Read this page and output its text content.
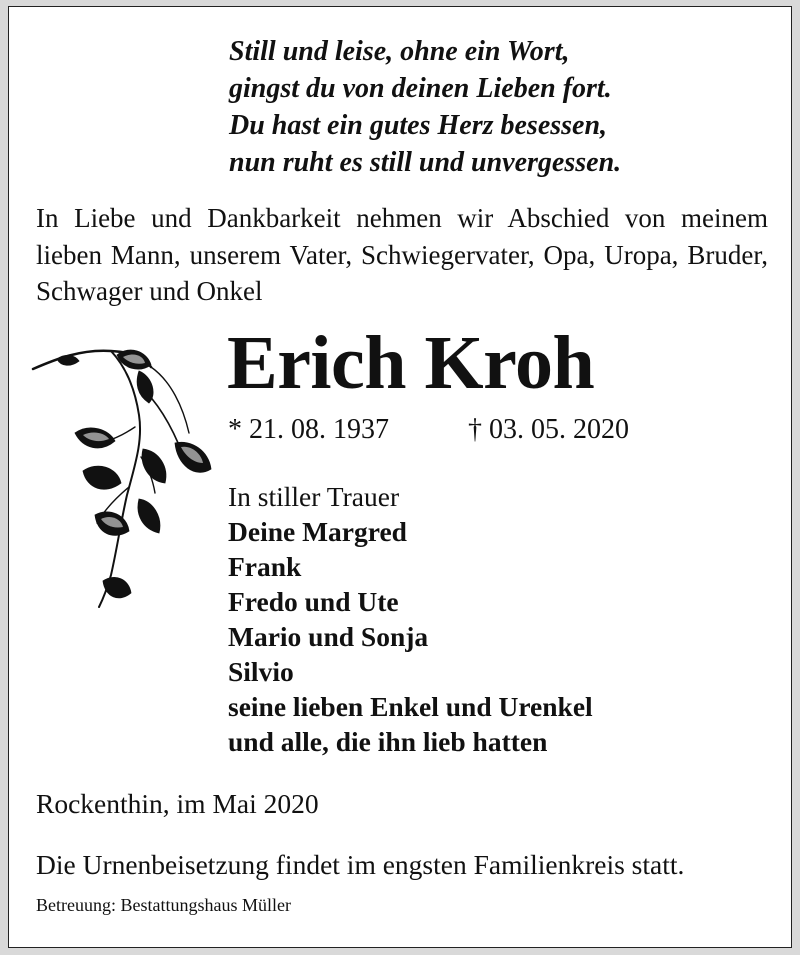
Still und leise, ohne ein Wort,
gingst du von deinen Lieben fort.
Du hast ein gutes Herz besessen,
nun ruht es still und unvergessen.

In Liebe und Dankbarkeit nehmen wir Abschied von meinem lieben Mann, unserem Vater, Schwiegervater, Opa, Uropa, Bruder, Schwager und Onkel

Erich Kroh
* 21. 08. 1937	† 03. 05. 2020
In stiller Trauer
Deine Margred
Frank
Fredo und Ute
Mario und Sonja
Silvio
seine lieben Enkel und Urenkel
und alle, die ihn lieb hatten
Rockenthin, im Mai 2020
Die Urnenbeisetzung findet im engsten Familienkreis statt.
Betreuung: Bestattungshaus Müller
